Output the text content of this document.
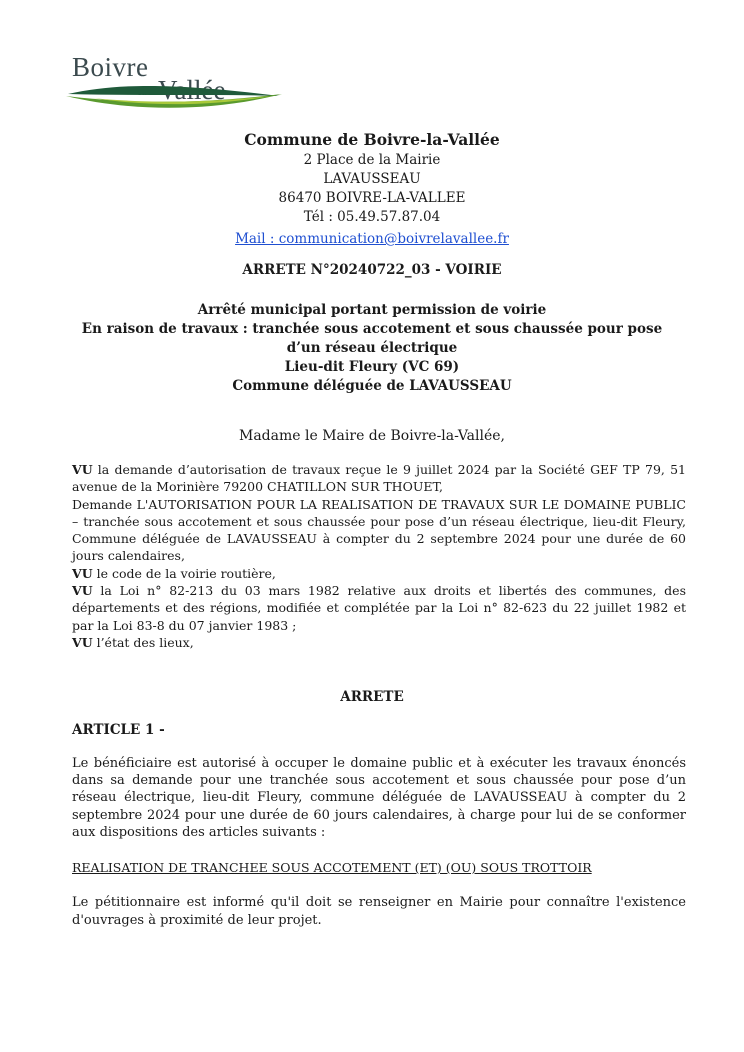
Boivre
Commune de Boivre-la-Vallée
2 Place de la Mairie
LAVAUSSEAU
86470 BOIVRE-LA-VALLEE
Tél : 05.49.57.87.04
Mail : communication@boivrelavallee.fr
ARRETE N°20240722_03 - VOIRIE
Arrêté municipal portant permission de voirie
En raison de travaux : tranchée sous accotement et sous chaussée pour pose
d’un réseau électrique
Lieu-dit Fleury (VC 69)
Commune déléguée de LAVAUSSEAU
Madame le Maire de Boivre-la-Vallée,

VU la demande d’autorisation de travaux reçue le 9 juillet 2024 par la Société GEF TP 79, 51 avenue de la Morinière 79200 CHATILLON SUR THOUET,

Demande L'AUTORISATION POUR LA REALISATION DE TRAVAUX SUR LE DOMAINE PUBLIC – tranchée sous accotement et sous chaussée pour pose d’un réseau électrique, lieu-dit Fleury, Commune déléguée de LAVAUSSEAU à compter du 2 septembre 2024 pour une durée de 60 jours calendaires,

VU le code de la voirie routière,

VU la Loi n° 82-213 du 03 mars 1982 relative aux droits et libertés des communes, des départements et des régions, modifiée et complétée par la Loi n° 82-623 du 22 juillet 1982 et par la Loi 83-8 du 07 janvier 1983 ;

VU l’état des lieux,

ARRETE
ARTICLE 1 -
Le bénéficiaire est autorisé à occuper le domaine public et à exécuter les travaux énoncés dans sa demande pour une tranchée sous accotement et sous chaussée pour pose d’un réseau électrique, lieu-dit Fleury, commune déléguée de LAVAUSSEAU à compter du 2 septembre 2024 pour une durée de 60 jours calendaires, à charge pour lui de se conformer aux dispositions des articles suivants :
REALISATION DE TRANCHEE SOUS ACCOTEMENT (ET) (OU) SOUS TROTTOIR
Le pétitionnaire est informé qu'il doit se renseigner en Mairie pour connaître l'existence d'ouvrages à proximité de leur projet.
